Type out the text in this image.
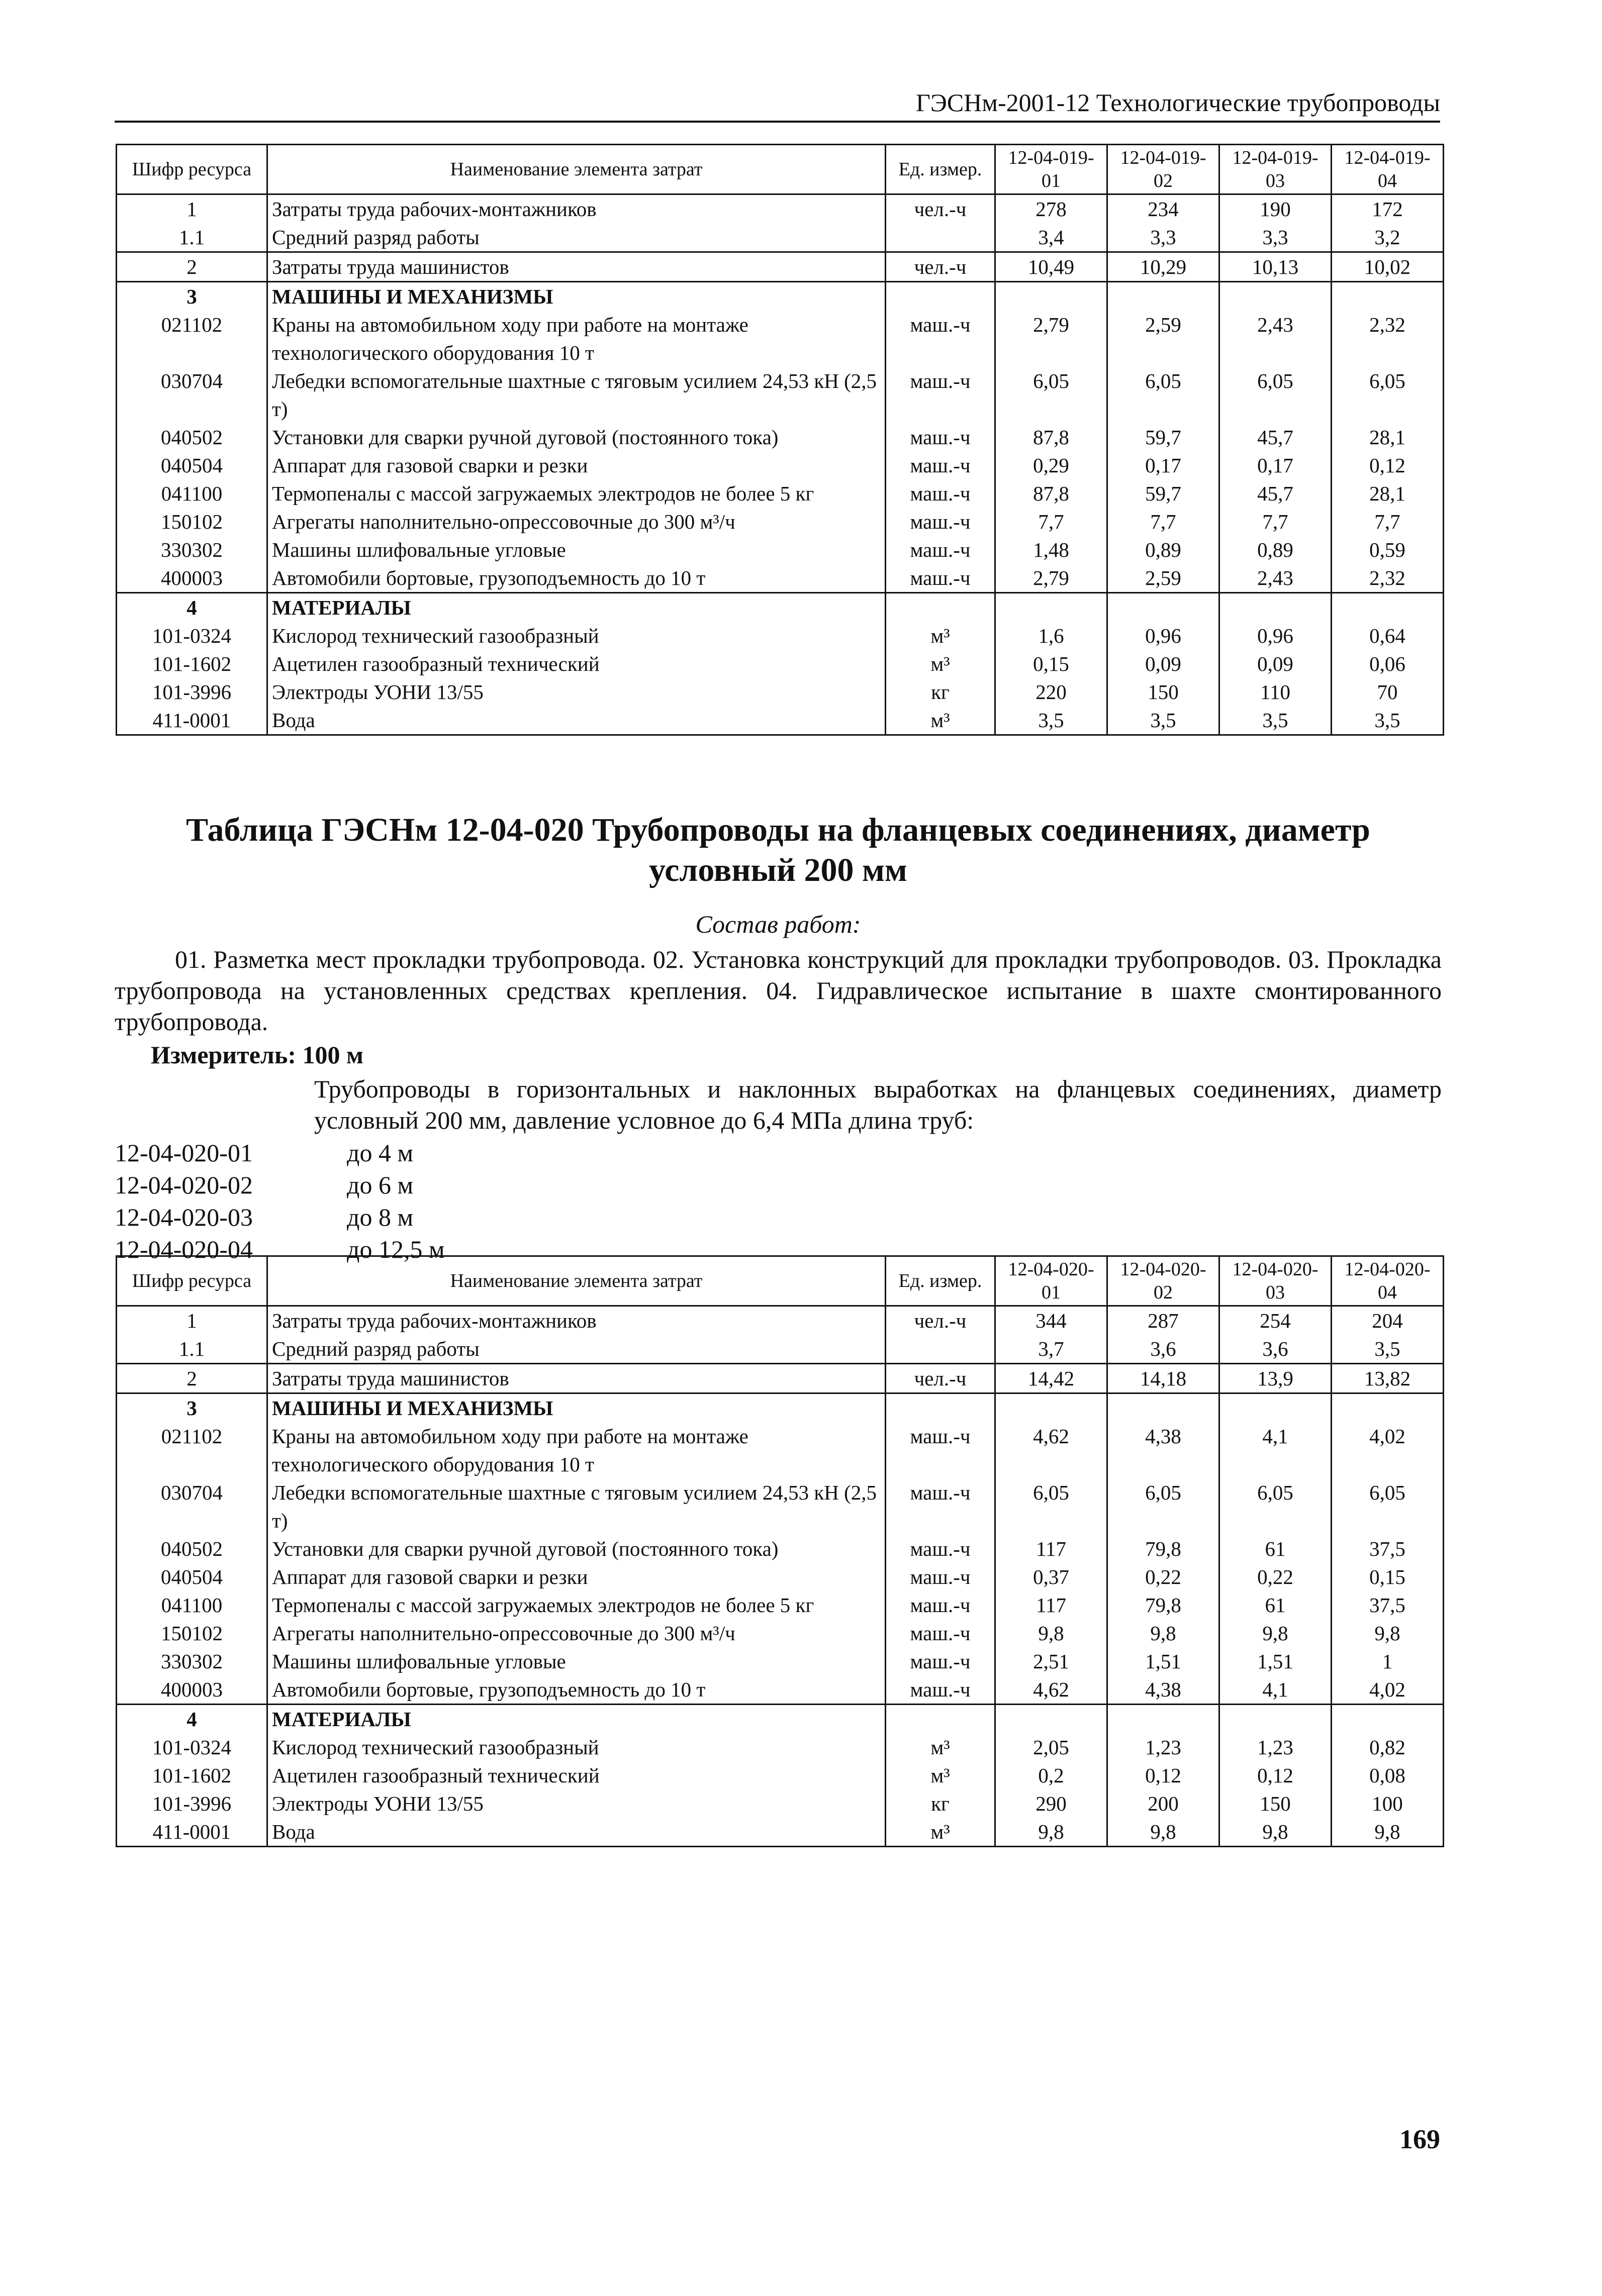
ГЭСНм-2001-12 Технологические трубопроводы
Шифр ресурса	Наименование элемента затрат	Ед. измер.	12-04-019-01	12-04-019-02	12-04-019-03	12-04-019-04
1	Затраты труда рабочих-монтажников	чел.-ч	278	234	190	172
1.1	Средний разряд работы		3,4	3,3	3,3	3,2
2	Затраты труда машинистов	чел.-ч	10,49	10,29	10,13	10,02
3	МАШИНЫ И МЕХАНИЗМЫ					
021102	Краны на автомобильном ходу при работе на монтаже технологического оборудования 10 т	маш.-ч	2,79	2,59	2,43	2,32
030704	Лебедки вспомогательные шахтные с тяговым усилием 24,53 кН (2,5 т)	маш.-ч	6,05	6,05	6,05	6,05
040502	Установки для сварки ручной дуговой (постоянного тока)	маш.-ч	87,8	59,7	45,7	28,1
040504	Аппарат для газовой сварки и резки	маш.-ч	0,29	0,17	0,17	0,12
041100	Термопеналы с массой загружаемых электродов не более 5 кг	маш.-ч	87,8	59,7	45,7	28,1
150102	Агрегаты наполнительно-опрессовочные до 300 м³/ч	маш.-ч	7,7	7,7	7,7	7,7
330302	Машины шлифовальные угловые	маш.-ч	1,48	0,89	0,89	0,59
400003	Автомобили бортовые, грузоподъемность до 10 т	маш.-ч	2,79	2,59	2,43	2,32
4	МАТЕРИАЛЫ					
101-0324	Кислород технический газообразный	м³	1,6	0,96	0,96	0,64
101-1602	Ацетилен газообразный технический	м³	0,15	0,09	0,09	0,06
101-3996	Электроды УОНИ 13/55	кг	220	150	110	70
411-0001	Вода	м³	3,5	3,5	3,5	3,5
Таблица ГЭСНм 12-04-020 Трубопроводы на фланцевых соединениях, диаметр условный 200 мм
Состав работ:
01. Разметка мест прокладки трубопровода. 02. Установка конструкций для прокладки трубопроводов. 03. Прокладка трубопровода на установленных средствах крепления. 04. Гидравлическое испытание в шахте смонтированного трубопровода.
Измеритель: 100 м
Трубопроводы в горизонтальных и наклонных выработках на фланцевых соединениях, диаметр условный 200 мм, давление условное до 6,4 МПа длина труб:
12-04-020-01	до 4 м
12-04-020-02	до 6 м
12-04-020-03	до 8 м
12-04-020-04	до 12,5 м
Шифр ресурса	Наименование элемента затрат	Ед. измер.	12-04-020-01	12-04-020-02	12-04-020-03	12-04-020-04
1	Затраты труда рабочих-монтажников	чел.-ч	344	287	254	204
1.1	Средний разряд работы		3,7	3,6	3,6	3,5
2	Затраты труда машинистов	чел.-ч	14,42	14,18	13,9	13,82
3	МАШИНЫ И МЕХАНИЗМЫ					
021102	Краны на автомобильном ходу при работе на монтаже технологического оборудования 10 т	маш.-ч	4,62	4,38	4,1	4,02
030704	Лебедки вспомогательные шахтные с тяговым усилием 24,53 кН (2,5 т)	маш.-ч	6,05	6,05	6,05	6,05
040502	Установки для сварки ручной дуговой (постоянного тока)	маш.-ч	117	79,8	61	37,5
040504	Аппарат для газовой сварки и резки	маш.-ч	0,37	0,22	0,22	0,15
041100	Термопеналы с массой загружаемых электродов не более 5 кг	маш.-ч	117	79,8	61	37,5
150102	Агрегаты наполнительно-опрессовочные до 300 м³/ч	маш.-ч	9,8	9,8	9,8	9,8
330302	Машины шлифовальные угловые	маш.-ч	2,51	1,51	1,51	1
400003	Автомобили бортовые, грузоподъемность до 10 т	маш.-ч	4,62	4,38	4,1	4,02
4	МАТЕРИАЛЫ					
101-0324	Кислород технический газообразный	м³	2,05	1,23	1,23	0,82
101-1602	Ацетилен газообразный технический	м³	0,2	0,12	0,12	0,08
101-3996	Электроды УОНИ 13/55	кг	290	200	150	100
411-0001	Вода	м³	9,8	9,8	9,8	9,8
169
